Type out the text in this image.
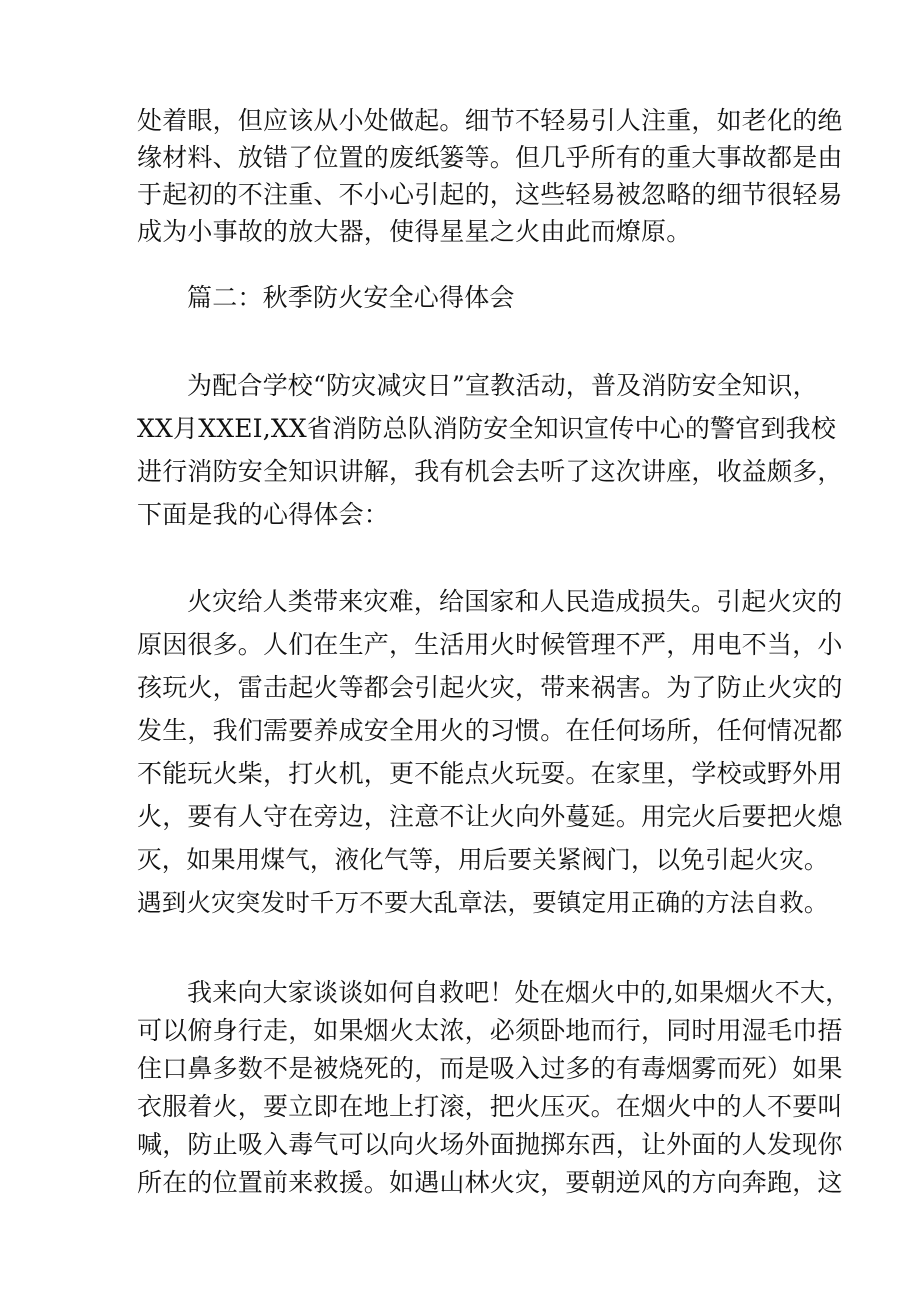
处着眼，但应该从小处做起。细节不轻易引人注重，如老化的绝
缘材料、放错了位置的废纸篓等。但几乎所有的重大事故都是由
于起初的不注重、不小心引起的，这些轻易被忽略的细节很轻易
成为小事故的放大器，使得星星之火由此而燎原。
篇二：秋季防火安全心得体会
为配合学校“防灾减灾日”宣教活动，普及消防安全知识，
XX月XXEI,XX省消防总队消防安全知识宣传中心的警官到我校
进行消防安全知识讲解，我有机会去听了这次讲座，收益颇多，
下面是我的心得体会：
火灾给人类带来灾难，给国家和人民造成损失。引起火灾的
原因很多。人们在生产，生活用火时候管理不严，用电不当，小
孩玩火，雷击起火等都会引起火灾，带来祸害。为了防止火灾的
发生，我们需要养成安全用火的习惯。在任何场所，任何情况都
不能玩火柴，打火机，更不能点火玩耍。在家里，学校或野外用
火，要有人守在旁边，注意不让火向外蔓延。用完火后要把火熄
灭，如果用煤气，液化气等，用后要关紧阀门，以免引起火灾。
遇到火灾突发时千万不要大乱章法，要镇定用正确的方法自救。
我来向大家谈谈如何自救吧！处在烟火中的,如果烟火不大，
可以俯身行走，如果烟火太浓，必须卧地而行，同时用湿毛巾捂
住口鼻多数不是被烧死的，而是吸入过多的有毒烟雾而死）如果
衣服着火，要立即在地上打滚，把火压灭。在烟火中的人不要叫
喊，防止吸入毒气可以向火场外面抛掷东西，让外面的人发现你
所在的位置前来救援。如遇山林火灾，要朝逆风的方向奔跑，这
